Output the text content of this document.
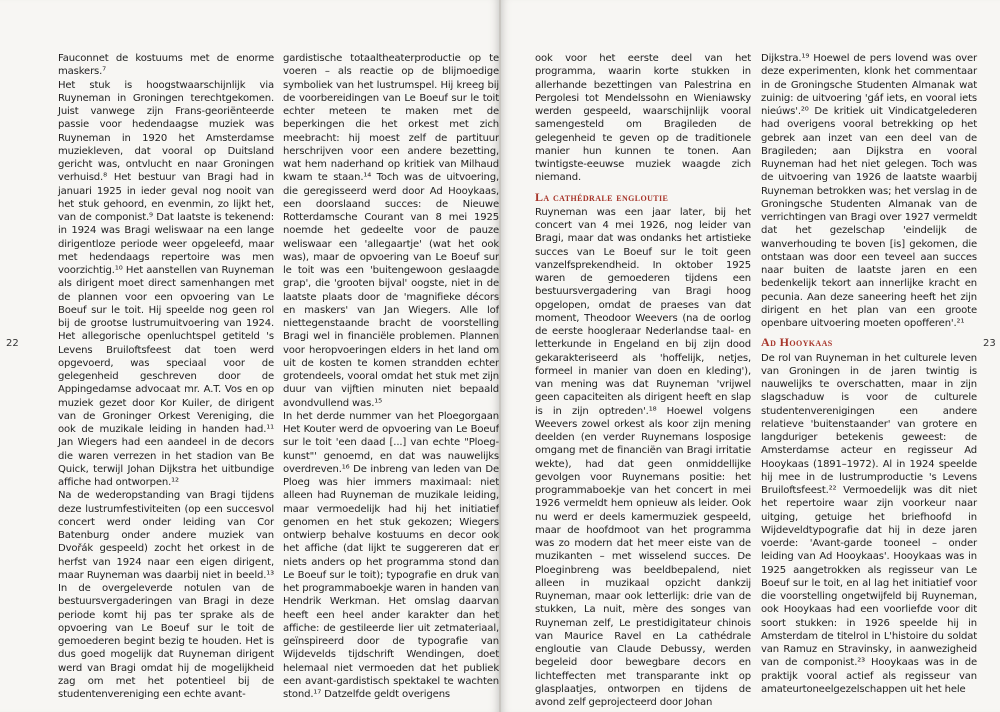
Fauconnet de kostuums met de enorme maskers.⁷

Het stuk is hoogstwaarschijnlijk via Ruyneman in Groningen terechtgekomen. Juist vanwege zijn Frans-georiënteerde passie voor hedendaagse muziek was Ruyneman in 1920 het Amsterdamse muziekleven, dat vooral op Duitsland gericht was, ontvlucht en naar Groningen verhuisd.⁸ Het bestuur van Bragi had in januari 1925 in ieder geval nog nooit van het stuk gehoord, en evenmin, zo lijkt het, van de componist.⁹ Dat laatste is tekenend: in 1924 was Bragi weliswaar na een lange dirigentloze periode weer opgeleefd, maar met hedendaags repertoire was men voorzichtig.¹⁰ Het aanstellen van Ruyneman als dirigent moet direct samenhangen met de plannen voor een opvoering van Le Boeuf sur le toit. Hij speelde nog geen rol bij de grootse lustrumuitvoering van 1924. Het allegorische openluchtspel getiteld 's Levens Bruiloftsfeest dat toen werd opgevoerd, was speciaal voor de gelegenheid geschreven door de Appingedamse advocaat mr. A.T. Vos en op muziek gezet door Kor Kuiler, de dirigent van de Groninger Orkest Vereniging, die ook de muzikale leiding in handen had.¹¹ Jan Wiegers had een aandeel in de decors die waren verrezen in het stadion van Be Quick, terwijl Johan Dijkstra het uitbundige affiche had ontworpen.¹²

Na de wederopstanding van Bragi tijdens deze lustrumfestiviteiten (op een succesvol concert werd onder leiding van Cor Batenburg onder andere muziek van Dvořák gespeeld) zocht het orkest in de herfst van 1924 naar een eigen dirigent, maar Ruyneman was daarbij niet in beeld.¹³ In de overgeleverde notulen van de bestuursvergaderingen van Bragi in deze periode komt hij pas ter sprake als de opvoering van Le Boeuf sur le toit de gemoederen begint bezig te houden. Het is dus goed mogelijk dat Ruyneman dirigent werd van Bragi omdat hij de mogelijkheid zag om met het potentieel bij de studentenvereniging een echte avant-

gardistische totaaltheaterproductie op te voeren – als reactie op de blijmoedige symboliek van het lustrumspel. Hij kreeg bij de voorbereidingen van Le Boeuf sur le toit echter meteen te maken met de beperkingen die het orkest met zich meebracht: hij moest zelf de partituur herschrijven voor een andere bezetting, wat hem naderhand op kritiek van Milhaud kwam te staan.¹⁴ Toch was de uitvoering, die geregisseerd werd door Ad Hooykaas, een doorslaand succes: de Nieuwe Rotterdamsche Courant van 8 mei 1925 noemde het gedeelte voor de pauze weliswaar een 'allegaartje' (wat het ook was), maar de opvoering van Le Boeuf sur le toit was een 'buitengewoon geslaagde grap', die 'grooten bijval' oogste, niet in de laatste plaats door de 'magnifieke décors en maskers' van Jan Wiegers. Alle lof niettegenstaande bracht de voorstelling Bragi wel in financiële problemen. Plannen voor heropvoeringen elders in het land om uit de kosten te komen strandden echter grotendeels, vooral omdat het stuk met zijn duur van vijftien minuten niet bepaald avondvullend was.¹⁵

In het derde nummer van het Ploegorgaan Het Kouter werd de opvoering van Le Boeuf sur le toit 'een daad [...] van echte "Ploeg-kunst"' genoemd, en dat was nauwelijks overdreven.¹⁶ De inbreng van leden van De Ploeg was hier immers maximaal: niet alleen had Ruyneman de muzikale leiding, maar vermoedelijk had hij het initiatief genomen en het stuk gekozen; Wiegers ontwierp behalve kostuums en decor ook het affiche (dat lijkt te suggereren dat er niets anders op het programma stond dan Le Boeuf sur le toit); typografie en druk van het programmaboekje waren in handen van Hendrik Werkman. Het omslag daarvan heeft een heel ander karakter dan het affiche: de gestileerde lier uit zetmateriaal, geïnspireerd door de typografie van Wijdevelds tijdschrift Wendingen, doet helemaal niet vermoeden dat het publiek een avant-gardistisch spektakel te wachten stond.¹⁷ Datzelfde geldt overigens

22

ook voor het eerste deel van het programma, waarin korte stukken in allerhande bezettingen van Palestrina en Pergolesi tot Mendelssohn en Wieniawsky werden gespeeld, waarschijnlijk vooral samengesteld om Bragileden de gelegenheid te geven op de traditionele manier hun kunnen te tonen. Aan twintigste-eeuwse muziek waagde zich niemand.

La cathédrale engloutie

Ruyneman was een jaar later, bij het concert van 4 mei 1926, nog leider van Bragi, maar dat was ondanks het artistieke succes van Le Boeuf sur le toit geen vanzelfsprekendheid. In oktober 1925 waren de gemoederen tijdens een bestuursvergadering van Bragi hoog opgelopen, omdat de praeses van dat moment, Theodoor Weevers (na de oorlog de eerste hoogleraar Nederlandse taal- en letterkunde in Engeland en bij zijn dood gekarakteriseerd als 'hoffelijk, netjes, formeel in manier van doen en kleding'), van mening was dat Ruyneman 'vrijwel geen capaciteiten als dirigent heeft en slap is in zijn optreden'.¹⁸ Hoewel volgens Weevers zowel orkest als koor zijn mening deelden (en verder Ruynemans losposige omgang met de financiën van Bragi irritatie wekte), had dat geen onmiddellijke gevolgen voor Ruynemans positie: het programmaboekje van het concert in mei 1926 vermeldt hem opnieuw als leider. Ook nu werd er deels kamermuziek gespeeld, maar de hoofdmoot van het programma was zo modern dat het meer eiste van de muzikanten – met wisselend succes. De Ploeginbreng was beeldbepalend, niet alleen in muzikaal opzicht dankzij Ruyneman, maar ook letterlijk: drie van de stukken, La nuit, mère des songes van Ruyneman zelf, Le prestidigitateur chinois van Maurice Ravel en La cathédrale engloutie van Claude Debussy, werden begeleid door bewegbare decors en lichteffecten met transparante inkt op glasplaatjes, ontworpen en tijdens de avond zelf geprojecteerd door Johan

Dijkstra.¹⁹ Hoewel de pers lovend was over deze experimenten, klonk het commentaar in de Groningsche Studenten Almanak wat zuinig: de uitvoering 'gáf iets, en vooral iets nieúws'.²⁰ De kritiek uit Vindicatgelederen had overigens vooral betrekking op het gebrek aan inzet van een deel van de Bragileden; aan Dijkstra en vooral Ruyneman had het niet gelegen. Toch was de uitvoering van 1926 de laatste waarbij Ruyneman betrokken was; het verslag in de Groningsche Studenten Almanak van de verrichtingen van Bragi over 1927 vermeldt dat het gezelschap 'eindelijk de wanverhouding te boven [is] gekomen, die ontstaan was door een teveel aan succes naar buiten de laatste jaren en een bedenkelijk tekort aan innerlijke kracht en pecunia. Aan deze saneering heeft het zijn dirigent en het plan van een groote openbare uitvoering moeten opofferen'.²¹

Ad Hooykaas

De rol van Ruyneman in het culturele leven van Groningen in de jaren twintig is nauwelijks te overschatten, maar in zijn slagschaduw is voor de culturele studentenverenigingen een andere relatieve 'buitenstaander' van grotere en langduriger betekenis geweest: de Amsterdamse acteur en regisseur Ad Hooykaas (1891–1972). Al in 1924 speelde hij mee in de lustrumproductie 's Levens Bruiloftsfeest.²² Vermoedelijk was dit niet het repertoire waar zijn voorkeur naar uitging, getuige het briefhoofd in Wijdeveldtypografie dat hij in deze jaren voerde: 'Avant-garde tooneel – onder leiding van Ad Hooykaas'. Hooykaas was in 1925 aangetrokken als regisseur van Le Boeuf sur le toit, en al lag het initiatief voor die voorstelling ongetwijfeld bij Ruyneman, ook Hooykaas had een voorliefde voor dit soort stukken: in 1926 speelde hij in Amsterdam de titelrol in L'histoire du soldat van Ramuz en Stravinsky, in aanwezigheid van de componist.²³ Hooykaas was in de praktijk vooral actief als regisseur van amateurtoneelgezelschappen uit het hele

23
